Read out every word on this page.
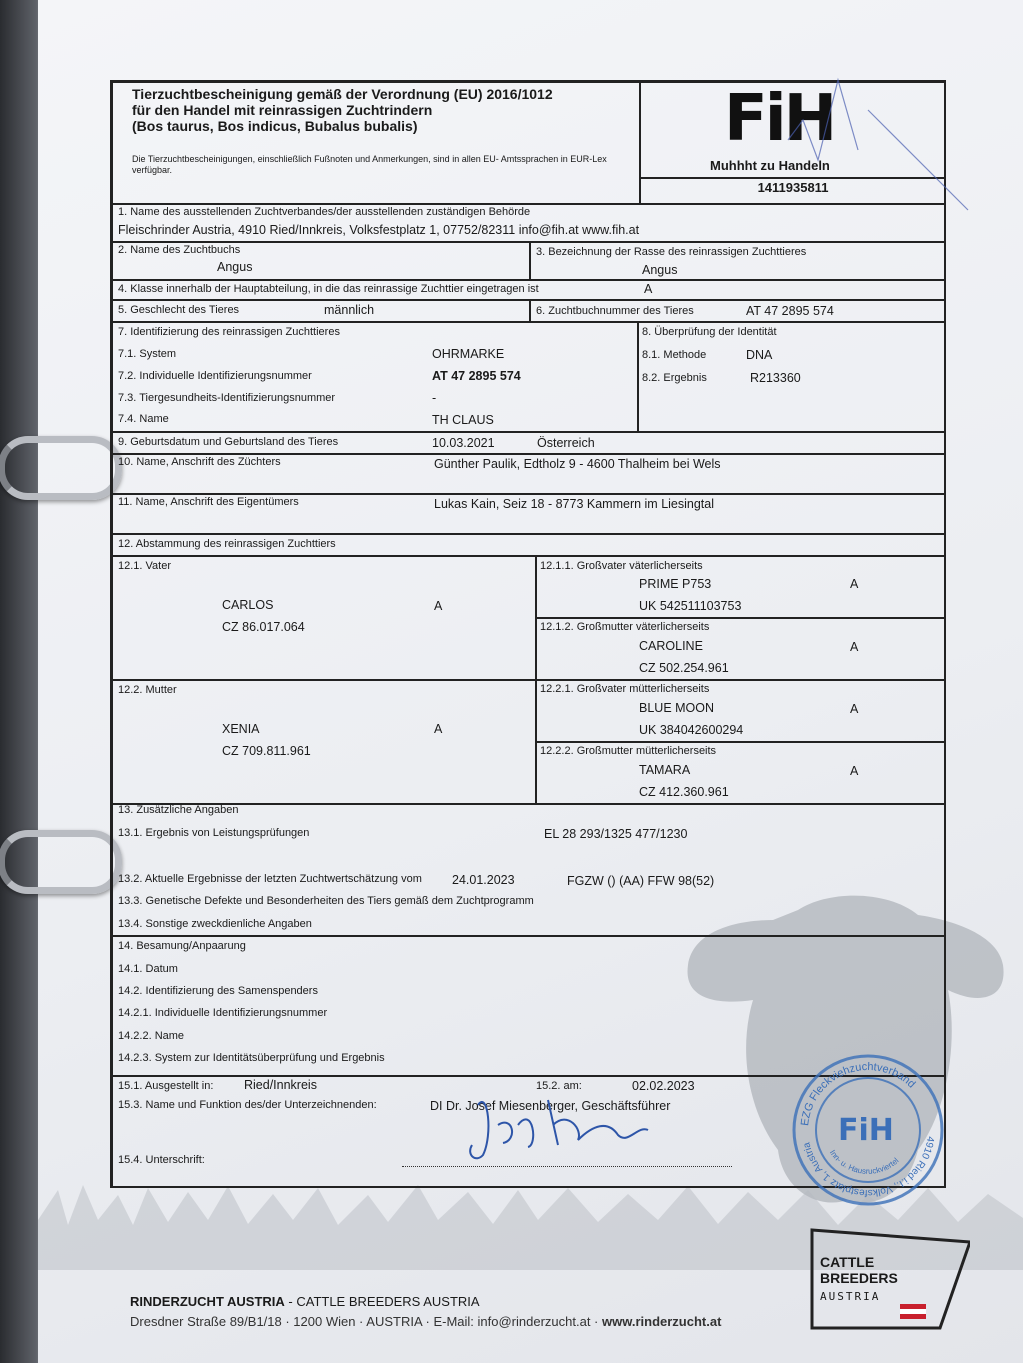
Tierzuchtbescheinigung gemäß der Verordnung (EU) 2016/1012
für den Handel mit reinrassigen Zuchtrindern
(Bos taurus, Bos indicus, Bubalus bubalis)
Die Tierzuchtbescheinigungen, einschließlich Fußnoten und Anmerkungen, sind in allen EU- Amtssprachen in EUR-Lex verfügbar.
FiH
Muhhht zu Handeln
1411935811
1. Name des ausstellenden Zuchtverbandes/der ausstellenden zuständigen Behörde
Fleischrinder Austria, 4910 Ried/Innkreis, Volksfestplatz 1, 07752/82311 info@fih.at www.fih.at
2. Name des Zuchtbuchs
Angus
3. Bezeichnung der Rasse des reinrassigen Zuchttieres
Angus
4. Klasse innerhalb der Hauptabteilung, in die das reinrassige Zuchttier eingetragen ist	A
5. Geschlecht des Tieres	männlich	6. Zuchtbuchnummer des Tieres	AT 47 2895 574
7. Identifizierung des reinrassigen Zuchttieres
7.1. System	OHRMARKE
7.2. Individuelle Identifizierungsnummer	AT 47 2895 574
7.3. Tiergesundheits-Identifizierungsnummer	-
7.4. Name	TH CLAUS
8. Überprüfung der Identität
8.1. Methode	DNA
8.2. Ergebnis	R213360
9. Geburtsdatum und Geburtsland des Tieres	10.03.2021	Österreich
10. Name, Anschrift des Züchters	Günther Paulik, Edtholz 9 - 4600 Thalheim bei Wels
11. Name, Anschrift des Eigentümers	Lukas Kain, Seiz 18 - 8773 Kammern im Liesingtal
12. Abstammung des reinrassigen Zuchttiers
12.1. Vater
CARLOS	A
CZ 86.017.064
12.1.1. Großvater väterlicherseits
PRIME P753	A
UK 542511103753
12.1.2. Großmutter väterlicherseits
CAROLINE	A
CZ 502.254.961
12.2. Mutter
XENIA	A
CZ 709.811.961
12.2.1. Großvater mütterlicherseits
BLUE MOON	A
UK 384042600294
12.2.2. Großmutter mütterlicherseits
TAMARA	A
CZ 412.360.961
13. Zusätzliche Angaben
13.1. Ergebnis von Leistungsprüfungen	EL 28 293/1325 477/1230
13.2. Aktuelle Ergebnisse der letzten Zuchtwertschätzung vom 24.01.2023	FGZW () (AA) FFW 98(52)
13.3. Genetische Defekte und Besonderheiten des Tiers gemäß dem Zuchtprogramm
13.4. Sonstige zweckdienliche Angaben
14. Besamung/Anpaarung
14.1. Datum
14.2. Identifizierung des Samenspenders
14.2.1. Individuelle Identifizierungsnummer
14.2.2. Name
14.2.3. System zur Identitätsüberprüfung und Ergebnis
15.1. Ausgestellt in: Ried/Innkreis	15.2. am:	02.02.2023
15.3. Name und Funktion des/der Unterzeichnenden:	DI Dr. Josef Miesenberger, Geschäftsführer
15.4. Unterschrift:	Josef Miesenberg
EZG Fleckviehzuchtverband
4910 Ried i.I., Volksfestplatz 1, Austria
Inn- u. Hausruckviertel
FiH
RINDERZUCHT AUSTRIA - CATTLE BREEDERS AUSTRIA
Dresdner Straße 89/B1/18 · 1200 Wien · AUSTRIA · E-Mail: info@rinderzucht.at · www.rinderzucht.at
CATTLE
BREEDERS
AUSTRIA
